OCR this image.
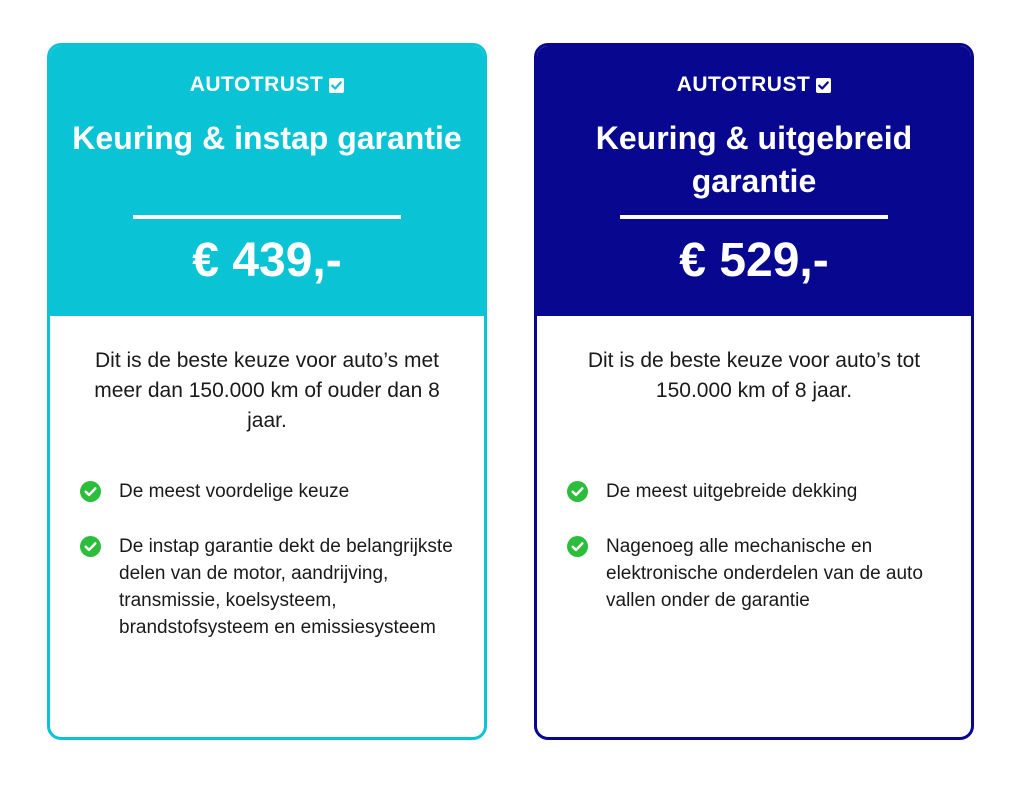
AUTOTRUST
Keuring & instap garantie
€ 439,-

Dit is de beste keuze voor auto’s met meer dan 150.000 km of ouder dan 8 jaar.

De meest voordelige keuze
De instap garantie dekt de belangrijkste delen van de motor, aandrijving, transmissie, koelsysteem, brandstofsysteem en emissiesysteem
AUTOTRUST
Keuring & uitgebreid garantie
€ 529,-

Dit is de beste keuze voor auto’s tot 150.000 km of 8 jaar.

De meest uitgebreide dekking
Nagenoeg alle mechanische en elektronische onderdelen van de auto vallen onder de garantie
